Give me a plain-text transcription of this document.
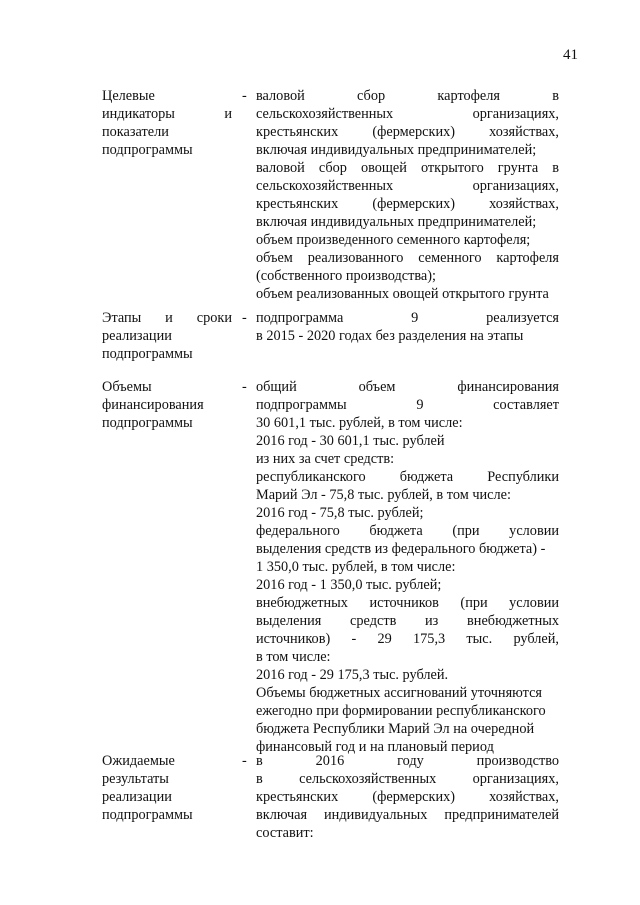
41
Целевые
индикаторы и
показатели
подпрограммы
- валовой сбор картофеля в
сельскохозяйственных организациях,
крестьянских (фермерских) хозяйствах,
включая индивидуальных предпринимателей;
валовой сбор овощей открытого грунта в
сельскохозяйственных организациях,
крестьянских (фермерских) хозяйствах,
включая индивидуальных предпринимателей;
объем произведенного семенного картофеля;
объем реализованного семенного картофеля
(собственного производства);
объем реализованных овощей открытого грунта
Этапы и сроки
реализации
подпрограммы
- подпрограмма 9 реализуется
в 2015 - 2020 годах без разделения на этапы
Объемы
финансирования
подпрограммы
- общий объем финансирования
подпрограммы 9 составляет
30 601,1 тыс. рублей, в том числе:
2016 год - 30 601,1 тыс. рублей
из них за счет средств:
республиканского бюджета Республики
Марий Эл - 75,8 тыс. рублей, в том числе:
2016 год - 75,8 тыс. рублей;
федерального бюджета (при условии
выделения средств из федерального бюджета) -
1 350,0 тыс. рублей, в том числе:
2016 год - 1 350,0 тыс. рублей;
внебюджетных источников (при условии
выделения средств из внебюджетных
источников) - 29 175,3 тыс. рублей,
в том числе:
2016 год - 29 175,3 тыс. рублей.
Объемы бюджетных ассигнований уточняются
ежегодно при формировании республиканского
бюджета Республики Марий Эл на очередной
финансовый год и на плановый период
Ожидаемые
результаты
реализации
подпрограммы
- в 2016 году производство
в сельскохозяйственных организациях,
крестьянских (фермерских) хозяйствах,
включая индивидуальных предпринимателей
составит:
